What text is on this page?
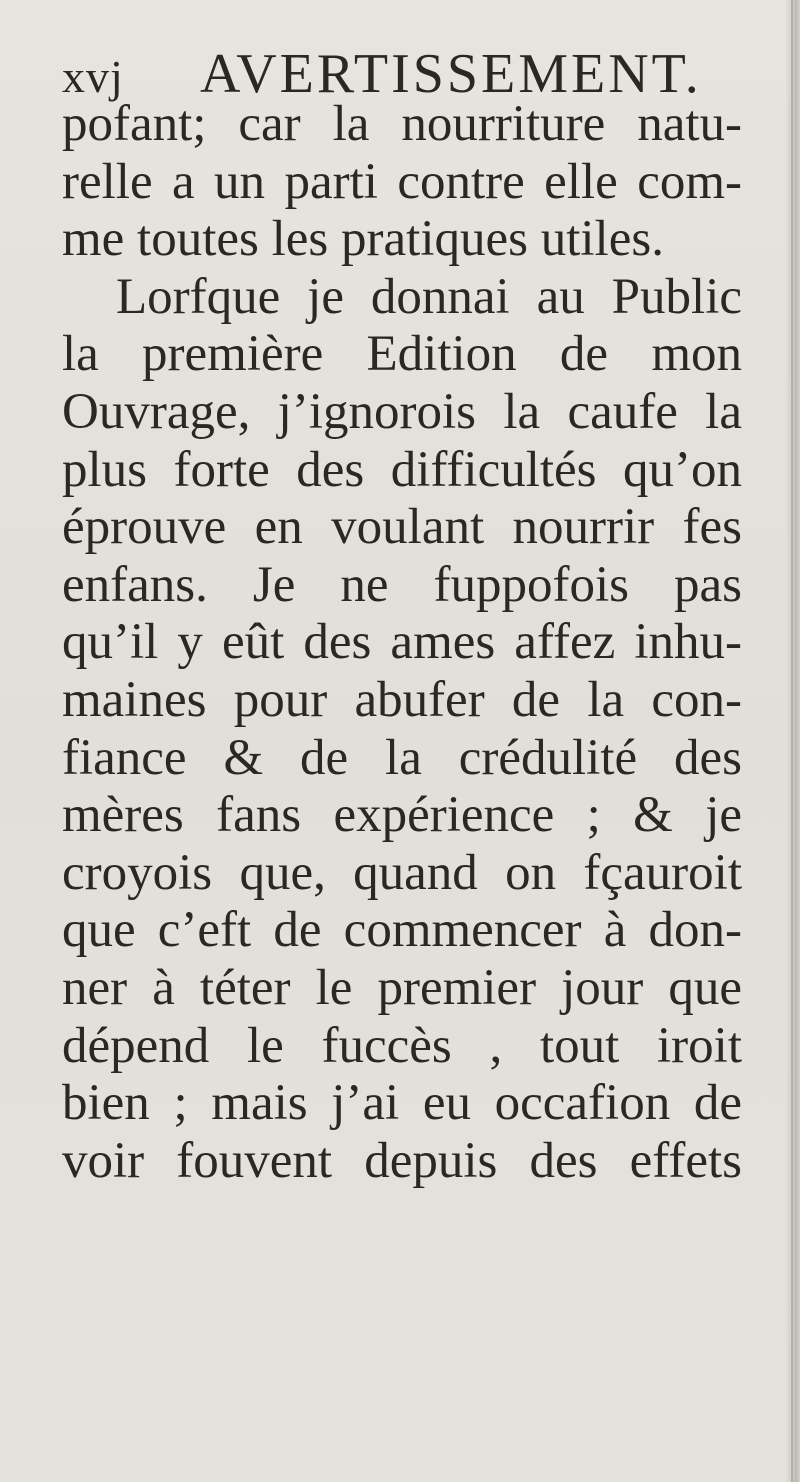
xvj AVERTISSEMENT.
pofant; car la nourriture natu-
relle a un parti contre elle com-
me toutes les pratiques utiles.
Lorfque je donnai au Public
la première Edition de mon
Ouvrage, j’ignorois la caufe la
plus forte des difficultés qu’on
éprouve en voulant nourrir fes
enfans. Je ne fuppofois pas
qu’il y eût des ames affez inhu-
maines pour abufer de la con-
fiance & de la crédulité des
mères fans expérience ; & je
croyois que, quand on fçauroit
que c’eft de commencer à don-
ner à téter le premier jour que
dépend le fuccès , tout iroit
bien ; mais j’ai eu occafion de
voir fouvent depuis des effets
